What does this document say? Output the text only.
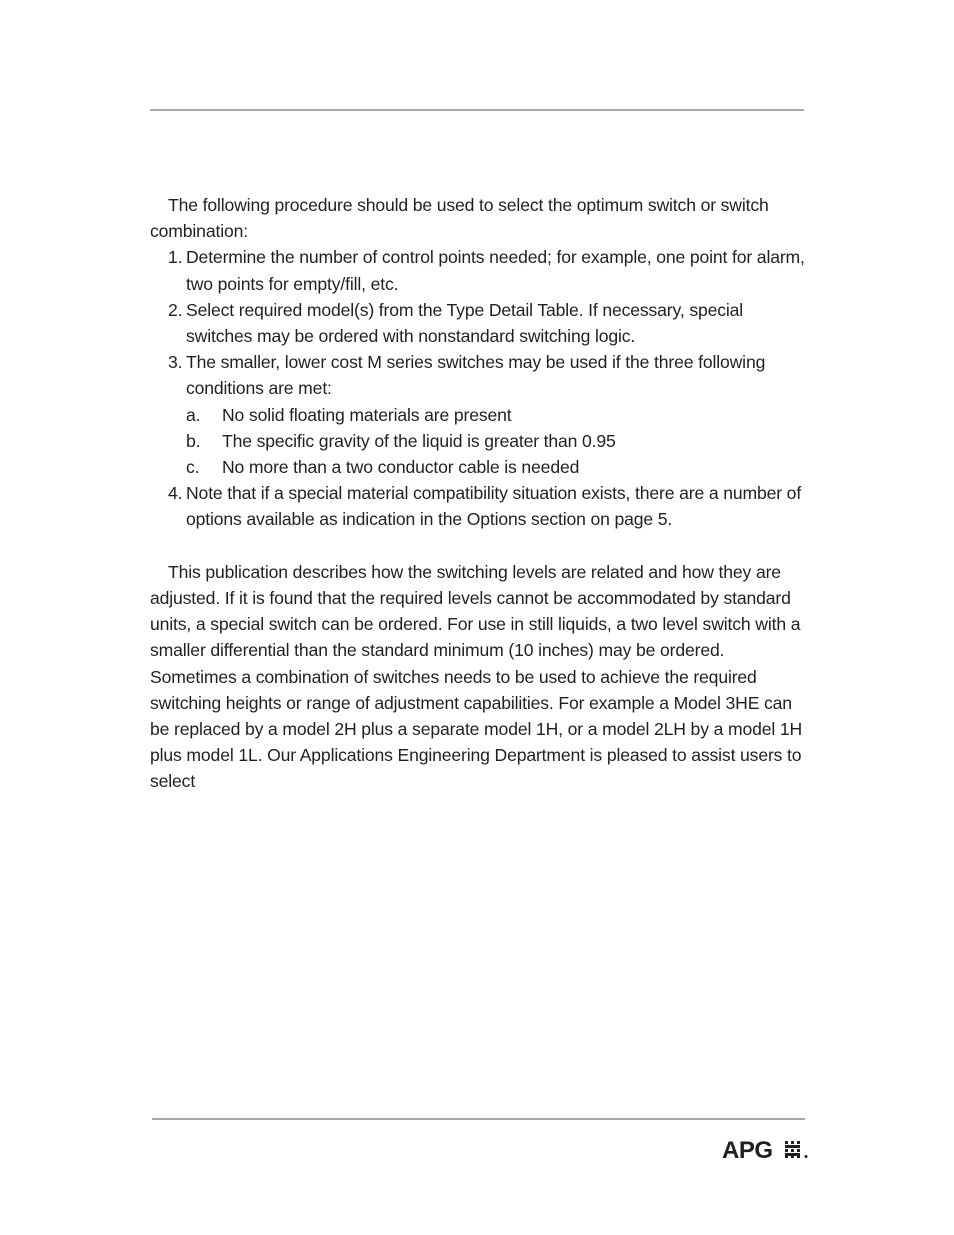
The following procedure should be used to select the optimum switch or switch combination:

1. Determine the number of control points needed; for example, one point for alarm, two points for empty/fill, etc.
2. Select required model(s) from the Type Detail Table. If necessary, special switches may be ordered with nonstandard switching logic.
3. The smaller, lower cost M series switches may be used if the three following conditions are met:
a. No solid floating materials are present
b. The specific gravity of the liquid is greater than 0.95
c. No more than a two conductor cable is needed
4. Note that if a special material compatibility situation exists, there are a number of options available as indication in the Options section on page 5.

This publication describes how the switching levels are related and how they are adjusted. If it is found that the required levels cannot be accommodated by standard units, a special switch can be ordered. For use in still liquids, a two level switch with a smaller differential than the standard minimum (10 inches) may be ordered. Sometimes a combination of switches needs to be used to achieve the required switching heights or range of adjustment capabilities. For example a Model 3HE can be replaced by a model 2H plus a separate model 1H, or a model 2LH by a model 1H plus model 1L. Our Applications Engineering Department is pleased to assist users to select

APG
